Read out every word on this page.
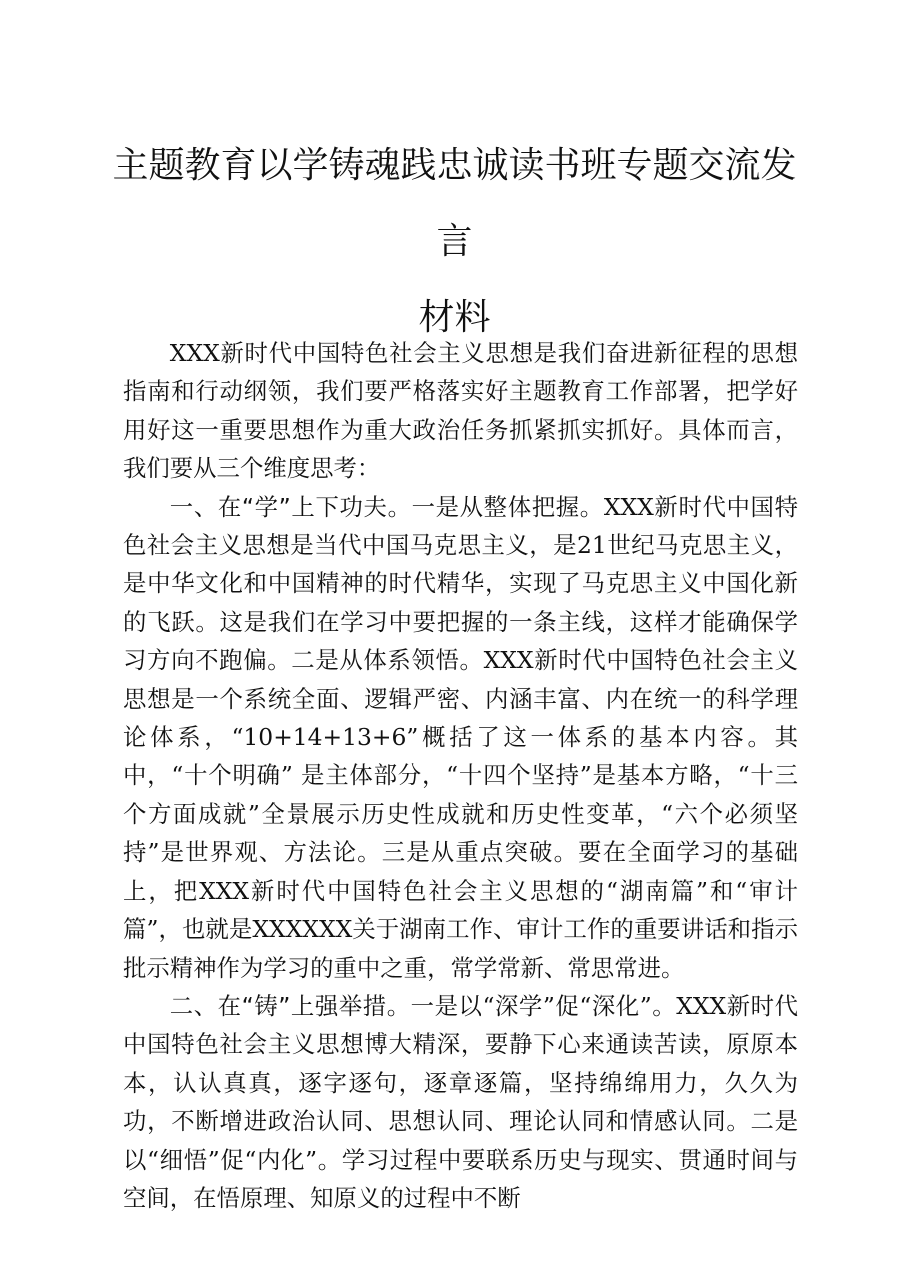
主题教育以学铸魂践忠诚读书班专题交流发言
材料

XXX新时代中国特色社会主义思想是我们奋进新征程的思想指南和行动纲领，我们要严格落实好主题教育工作部署，把学好用好这一重要思想作为重大政治任务抓紧抓实抓好。具体而言，我们要从三个维度思考：

一、在“学”上下功夫。一是从整体把握。XXX新时代中国特色社会主义思想是当代中国马克思主义，是21世纪马克思主义，是中华文化和中国精神的时代精华，实现了马克思主义中国化新的飞跃。这是我们在学习中要把握的一条主线，这样才能确保学习方向不跑偏。二是从体系领悟。XXX新时代中国特色社会主义思想是一个系统全面、逻辑严密、内涵丰富、内在统一的科学理论体系，“10+14+13+6”概括了这一体系的基本内容。其中，“十个明确” 是主体部分，“十四个坚持”是基本方略，“十三个方面成就”全景展示历史性成就和历史性变革，“六个必须坚持”是世界观、方法论。三是从重点突破。要在全面学习的基础上，把XXX新时代中国特色社会主义思想的“湖南篇”和“审计篇”，也就是XXXXXX关于湖南工作、审计工作的重要讲话和指示批示精神作为学习的重中之重，常学常新、常思常进。

二、在“铸”上强举措。一是以“深学”促“深化”。XXX新时代中国特色社会主义思想博大精深，要静下心来通读苦读，原原本本，认认真真，逐字逐句，逐章逐篇，坚持绵绵用力，久久为功，不断增进政治认同、思想认同、理论认同和情感认同。二是以“细悟”促“内化”。学习过程中要联系历史与现实、贯通时间与空间，在悟原理、知原义的过程中不断
